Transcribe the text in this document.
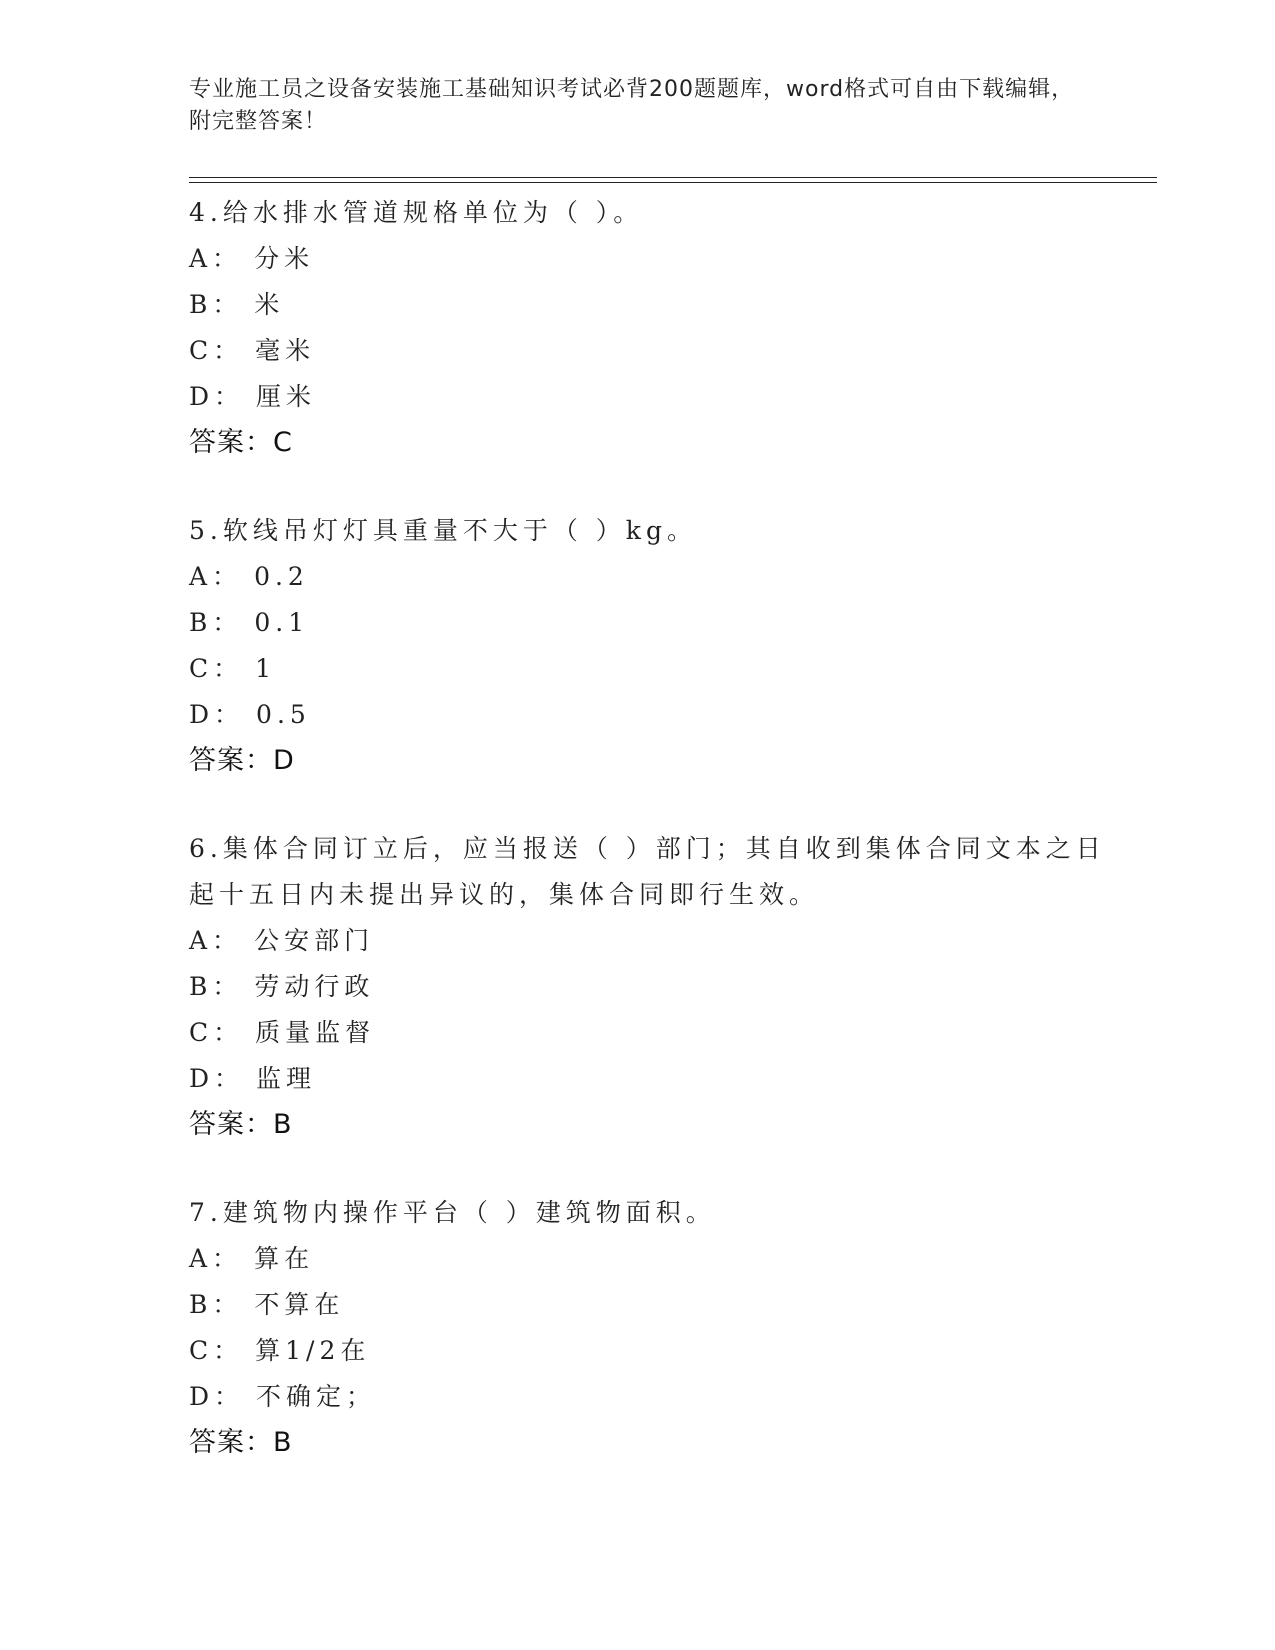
专业施工员之设备安装施工基础知识考试必背200题题库，word格式可自由下载编辑，附完整答案！
4.给水排水管道规格单位为（ ）。
A： 分米
B： 米
C： 毫米
D： 厘米
答案：C
5.软线吊灯灯具重量不大于（ ）kg。
A： 0.2
B： 0.1
C： 1
D： 0.5
答案：D
6.集体合同订立后，应当报送（ ）部门；其自收到集体合同文本之日起十五日内未提出异议的，集体合同即行生效。
A： 公安部门
B： 劳动行政
C： 质量监督
D： 监理
答案：B
7.建筑物内操作平台（ ）建筑物面积。
A： 算在
B： 不算在
C： 算1/2在
D： 不确定；
答案：B
